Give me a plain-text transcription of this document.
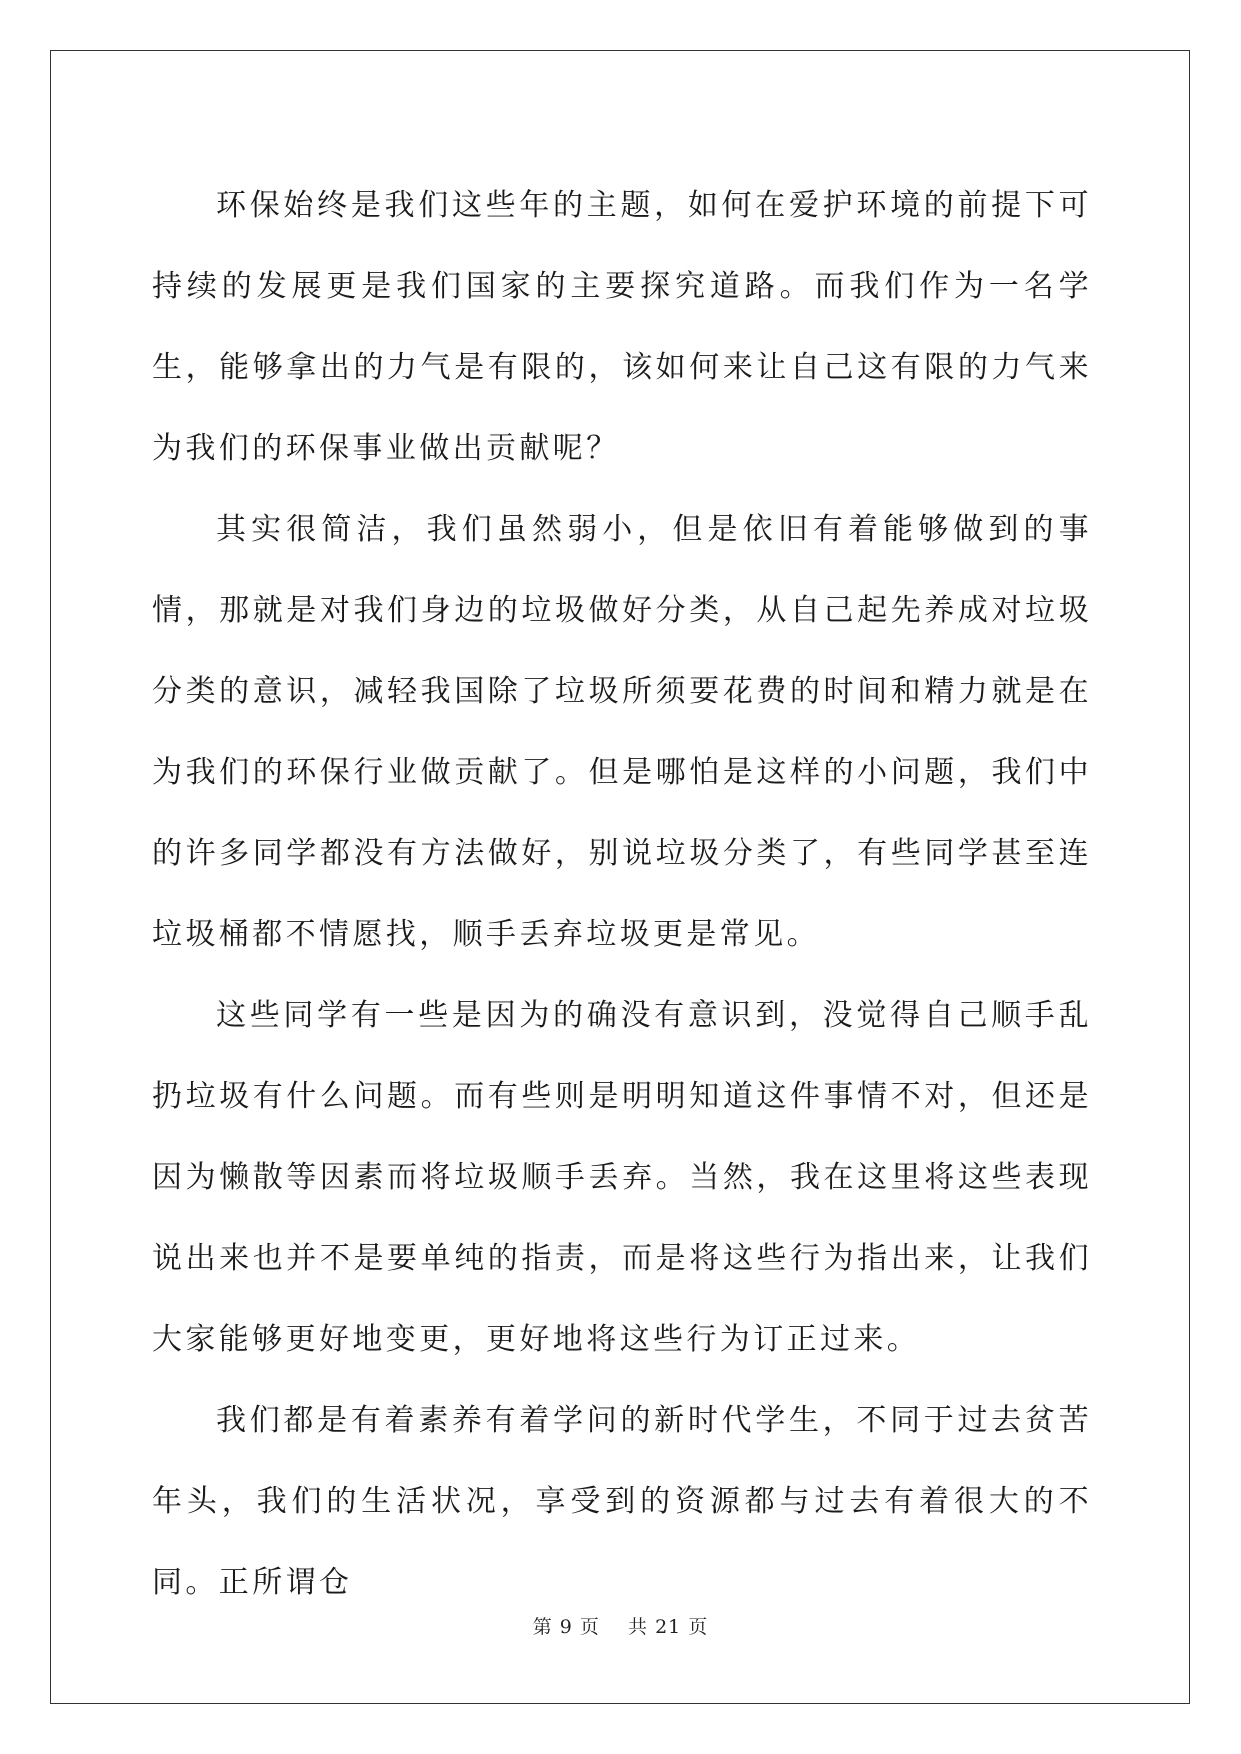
环保始终是我们这些年的主题，如何在爱护环境的前提下可持续的发展更是我们国家的主要探究道路。而我们作为一名学生，能够拿出的力气是有限的，该如何来让自己这有限的力气来为我们的环保事业做出贡献呢？

其实很简洁，我们虽然弱小，但是依旧有着能够做到的事情，那就是对我们身边的垃圾做好分类，从自己起先养成对垃圾分类的意识，减轻我国除了垃圾所须要花费的时间和精力就是在为我们的环保行业做贡献了。但是哪怕是这样的小问题，我们中的许多同学都没有方法做好，别说垃圾分类了，有些同学甚至连垃圾桶都不情愿找，顺手丢弃垃圾更是常见。

这些同学有一些是因为的确没有意识到，没觉得自己顺手乱扔垃圾有什么问题。而有些则是明明知道这件事情不对，但还是因为懒散等因素而将垃圾顺手丢弃。当然，我在这里将这些表现说出来也并不是要单纯的指责，而是将这些行为指出来，让我们大家能够更好地变更，更好地将这些行为订正过来。

我们都是有着素养有着学问的新时代学生，不同于过去贫苦年头，我们的生活状况，享受到的资源都与过去有着很大的不同。正所谓仓

第 9 页 共 21 页
